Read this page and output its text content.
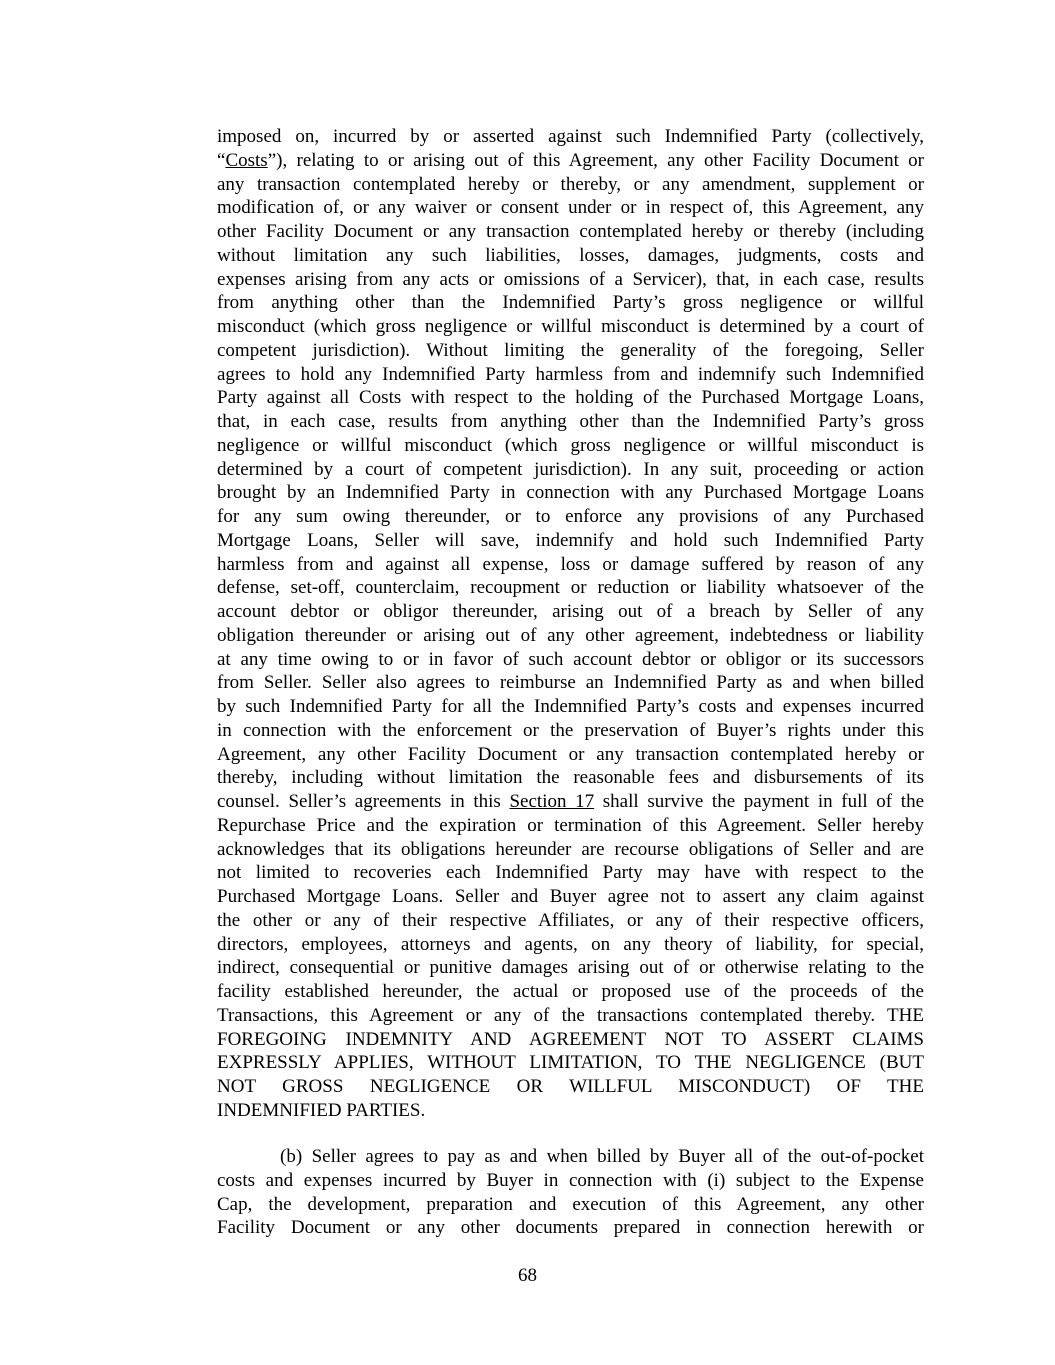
imposed on, incurred by or asserted against such Indemnified Party (collectively,
“Costs”), relating to or arising out of this Agreement, any other Facility Document or
any transaction contemplated hereby or thereby, or any amendment, supplement or
modification of, or any waiver or consent under or in respect of, this Agreement, any
other Facility Document or any transaction contemplated hereby or thereby (including
without limitation any such liabilities, losses, damages, judgments, costs and
expenses arising from any acts or omissions of a Servicer), that, in each case, results
from anything other than the Indemnified Party’s gross negligence or willful
misconduct (which gross negligence or willful misconduct is determined by a court of
competent jurisdiction). Without limiting the generality of the foregoing, Seller
agrees to hold any Indemnified Party harmless from and indemnify such Indemnified
Party against all Costs with respect to the holding of the Purchased Mortgage Loans,
that, in each case, results from anything other than the Indemnified Party’s gross
negligence or willful misconduct (which gross negligence or willful misconduct is
determined by a court of competent jurisdiction). In any suit, proceeding or action
brought by an Indemnified Party in connection with any Purchased Mortgage Loans
for any sum owing thereunder, or to enforce any provisions of any Purchased
Mortgage Loans, Seller will save, indemnify and hold such Indemnified Party
harmless from and against all expense, loss or damage suffered by reason of any
defense, set-off, counterclaim, recoupment or reduction or liability whatsoever of the
account debtor or obligor thereunder, arising out of a breach by Seller of any
obligation thereunder or arising out of any other agreement, indebtedness or liability
at any time owing to or in favor of such account debtor or obligor or its successors
from Seller. Seller also agrees to reimburse an Indemnified Party as and when billed
by such Indemnified Party for all the Indemnified Party’s costs and expenses incurred
in connection with the enforcement or the preservation of Buyer’s rights under this
Agreement, any other Facility Document or any transaction contemplated hereby or
thereby, including without limitation the reasonable fees and disbursements of its
counsel. Seller’s agreements in this Section 17 shall survive the payment in full of the
Repurchase Price and the expiration or termination of this Agreement. Seller hereby
acknowledges that its obligations hereunder are recourse obligations of Seller and are
not limited to recoveries each Indemnified Party may have with respect to the
Purchased Mortgage Loans. Seller and Buyer agree not to assert any claim against
the other or any of their respective Affiliates, or any of their respective officers,
directors, employees, attorneys and agents, on any theory of liability, for special,
indirect, consequential or punitive damages arising out of or otherwise relating to the
facility established hereunder, the actual or proposed use of the proceeds of the
Transactions, this Agreement or any of the transactions contemplated thereby. THE
FOREGOING INDEMNITY AND AGREEMENT NOT TO ASSERT CLAIMS
EXPRESSLY APPLIES, WITHOUT LIMITATION, TO THE NEGLIGENCE (BUT
NOT GROSS NEGLIGENCE OR WILLFUL MISCONDUCT) OF THE
INDEMNIFIED PARTIES.
(b) Seller agrees to pay as and when billed by Buyer all of the out-of-pocket
costs and expenses incurred by Buyer in connection with (i) subject to the Expense
Cap, the development, preparation and execution of this Agreement, any other
Facility Document or any other documents prepared in connection herewith or
68
